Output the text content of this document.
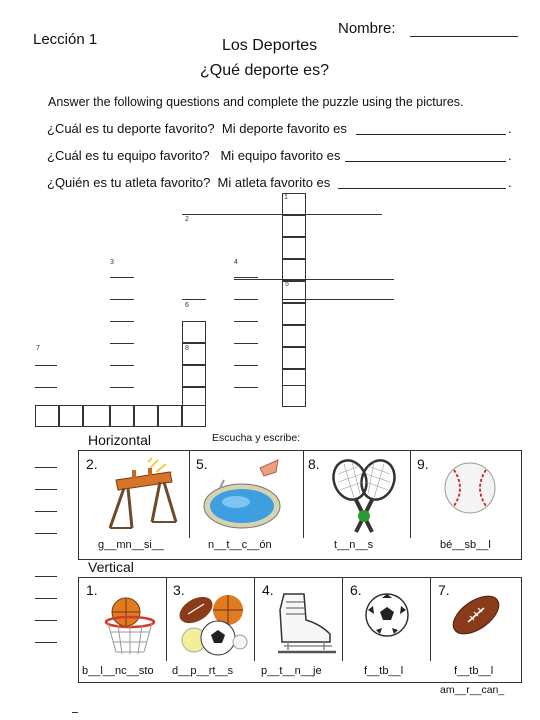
Lección 1	Los Deportes
¿Qué deporte es?
Nombre:
Answer the following questions and complete the puzzle using the pictures.
¿Cuál es tu deporte favorito? Mi deporte favorito es	.
¿Cuál es tu equipo favorito? Mi equipo favorito es	.
¿Quién es tu atleta favorito? Mi atleta favorito es	.
1
2
3	4
5
6
7	8
Horizontal	Escucha y escribe:
Vertical
2.	5.	8.	9.
g__mn__si__	n__t__c__ón	t__n__s	bé__sb__l
1.	3.	4.	6.	7.
b__l__nc__sto d__p__rt__s	p__t__n__je	f__tb__l	f__tb__l
am__r__can_
